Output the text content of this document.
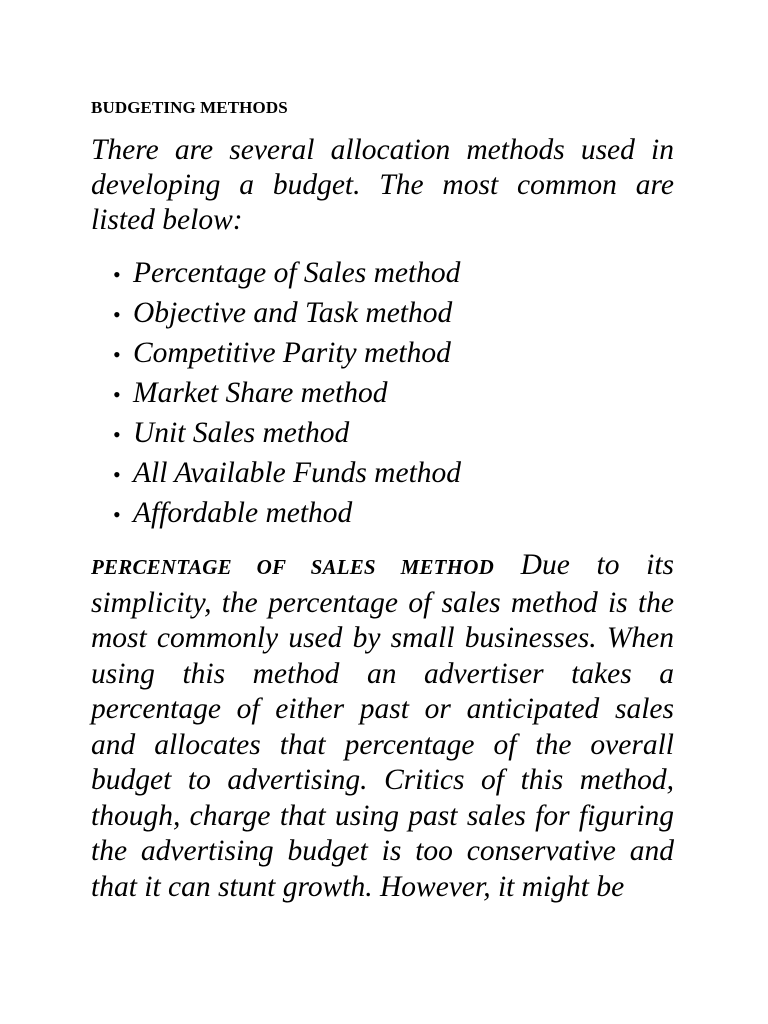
BUDGETING METHODS

There are several allocation methods used in developing a budget. The most common are listed below:

• Percentage of Sales method
• Objective and Task method
• Competitive Parity method
• Market Share method
• Unit Sales method
• All Available Funds method
• Affordable method

PERCENTAGE OF SALES METHOD Due to its simplicity, the percentage of sales method is the most commonly used by small businesses. When using this method an advertiser takes a percentage of either past or anticipated sales and allocates that percentage of the overall budget to advertising. Critics of this method, though, charge that using past sales for figuring the advertising budget is too conservative and that it can stunt growth. However, it might be
